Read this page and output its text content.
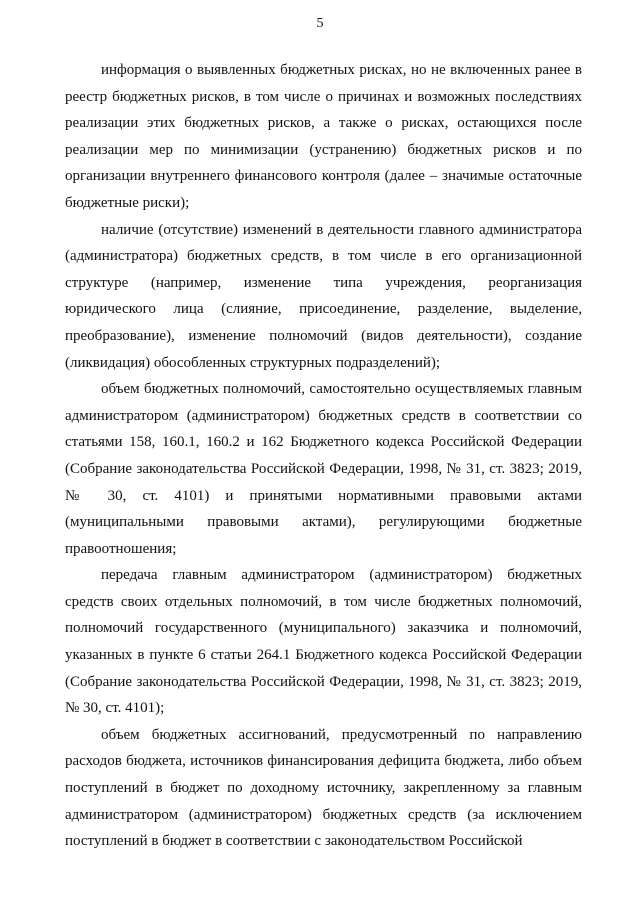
5

информация о выявленных бюджетных рисках, но не включенных ранее в реестр бюджетных рисков, в том числе о причинах и возможных последствиях реализации этих бюджетных рисков, а также о рисках, остающихся после реализации мер по минимизации (устранению) бюджетных рисков и по организации внутреннего финансового контроля (далее – значимые остаточные бюджетные риски);

наличие (отсутствие) изменений в деятельности главного администратора (администратора) бюджетных средств, в том числе в его организационной структуре (например, изменение типа учреждения, реорганизация юридического лица (слияние, присоединение, разделение, выделение, преобразование), изменение полномочий (видов деятельности), создание (ликвидация) обособленных структурных подразделений);

объем бюджетных полномочий, самостоятельно осуществляемых главным администратором (администратором) бюджетных средств в соответствии со статьями 158, 160.1, 160.2 и 162 Бюджетного кодекса Российской Федерации (Собрание законодательства Российской Федерации, 1998, № 31, ст. 3823; 2019, № 30, ст. 4101) и принятыми нормативными правовыми актами (муниципальными правовыми актами), регулирующими бюджетные правоотношения;

передача главным администратором (администратором) бюджетных средств своих отдельных полномочий, в том числе бюджетных полномочий, полномочий государственного (муниципального) заказчика и полномочий, указанных в пункте 6 статьи 264.1 Бюджетного кодекса Российской Федерации (Собрание законодательства Российской Федерации, 1998, № 31, ст. 3823; 2019, № 30, ст. 4101);

объем бюджетных ассигнований, предусмотренный по направлению расходов бюджета, источников финансирования дефицита бюджета, либо объем поступлений в бюджет по доходному источнику, закрепленному за главным администратором (администратором) бюджетных средств (за исключением поступлений в бюджет в соответствии с законодательством Российской
